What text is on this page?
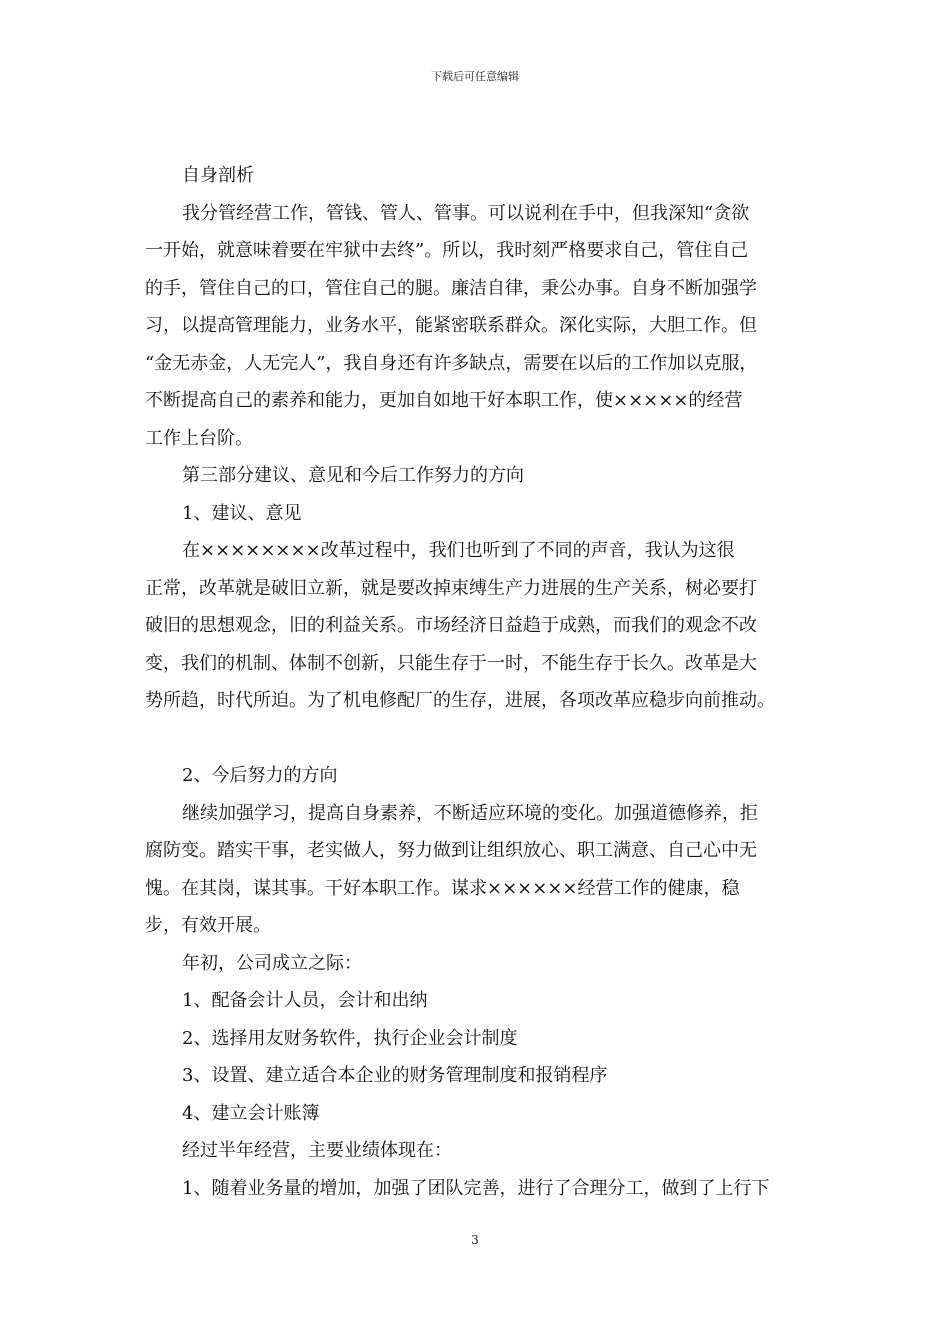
下载后可任意编辑
自身剖析
我分管经营工作，管钱、管人、管事。可以说利在手中，但我深知“贪欲
一开始，就意味着要在牢狱中去终”。所以，我时刻严格要求自己，管住自己
的手，管住自己的口，管住自己的腿。廉洁自律，秉公办事。自身不断加强学
习，以提高管理能力，业务水平，能紧密联系群众。深化实际，大胆工作。但
“金无赤金，人无完人”，我自身还有许多缺点，需要在以后的工作加以克服，
不断提高自己的素养和能力，更加自如地干好本职工作，使×××××的经营
工作上台阶。
第三部分建议、意见和今后工作努力的方向
1、建议、意见
在××××××××改革过程中，我们也听到了不同的声音，我认为这很
正常，改革就是破旧立新，就是要改掉束缚生产力进展的生产关系，树必要打
破旧的思想观念，旧的利益关系。市场经济日益趋于成熟，而我们的观念不改
变，我们的机制、体制不创新，只能生存于一时，不能生存于长久。改革是大
势所趋，时代所迫。为了机电修配厂的生存，进展，各项改革应稳步向前推动。
2、今后努力的方向
继续加强学习，提高自身素养，不断适应环境的变化。加强道德修养，拒
腐防变。踏实干事，老实做人，努力做到让组织放心、职工满意、自己心中无
愧。在其岗，谋其事。干好本职工作。谋求××××××经营工作的健康，稳
步，有效开展。
年初，公司成立之际：
1、配备会计人员，会计和出纳
2、选择用友财务软件，执行企业会计制度
3、设置、建立适合本企业的财务管理制度和报销程序
4、建立会计账簿
经过半年经营，主要业绩体现在：
1、随着业务量的增加，加强了团队完善，进行了合理分工，做到了上行下
3
